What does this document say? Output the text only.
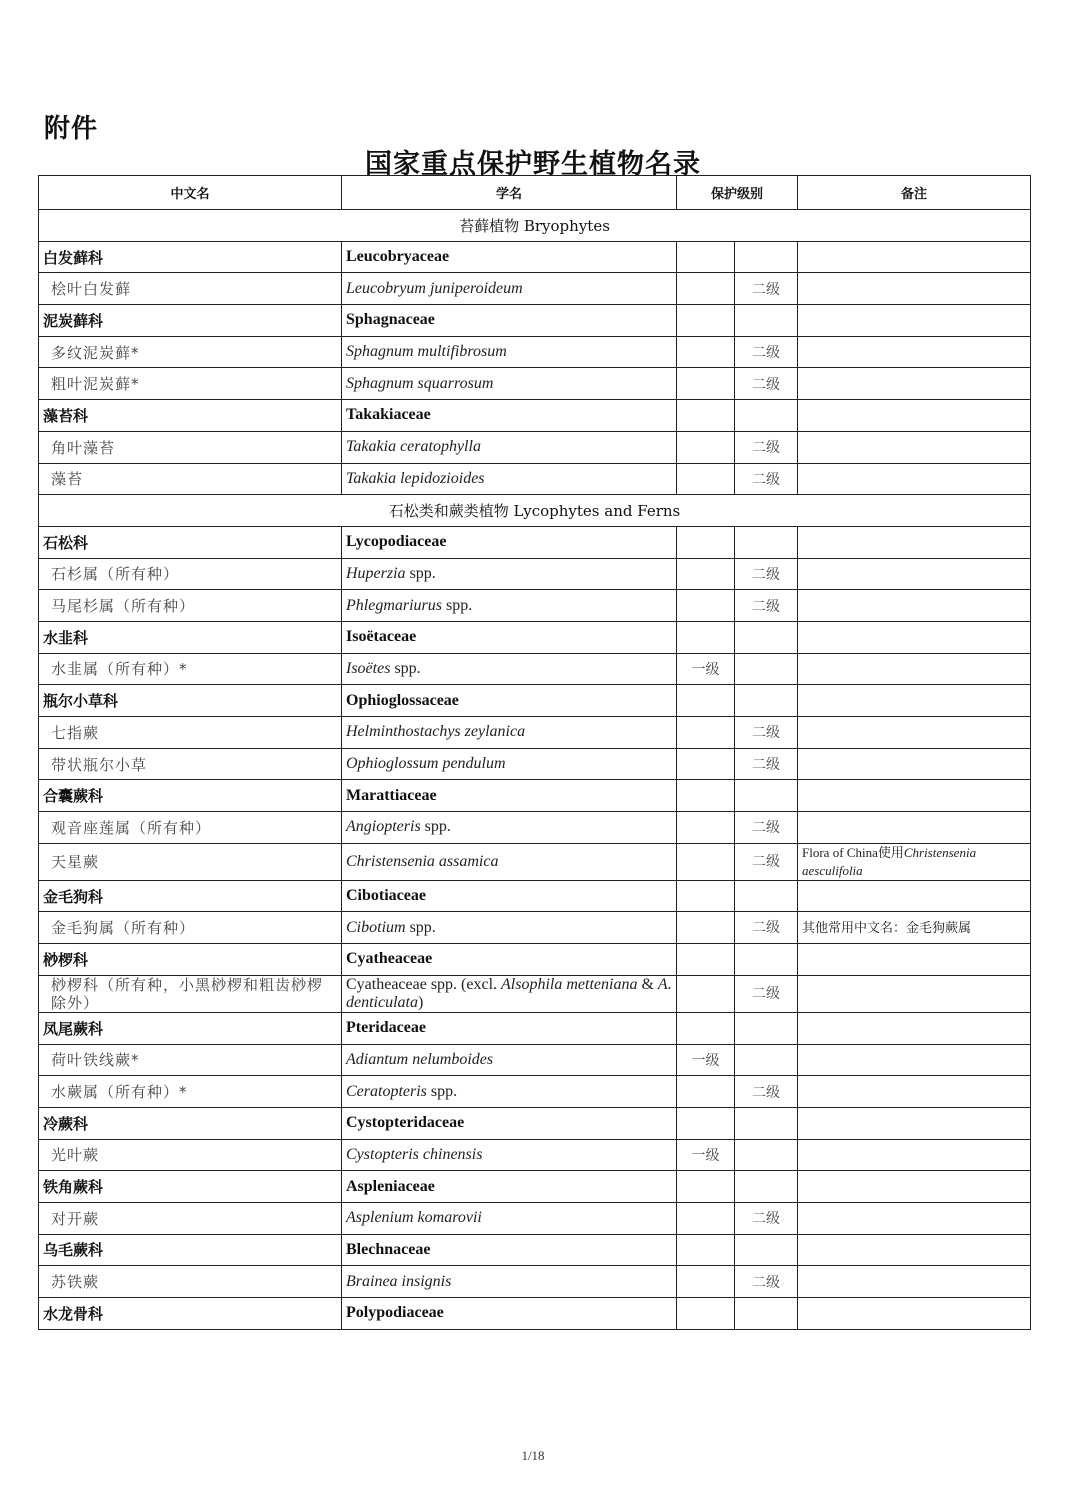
附件
国家重点保护野生植物名录
中文名	学名	保护级别		备注
苔藓植物 Bryophytes				
白发藓科	Leucobryaceae			
桧叶白发藓	Leucobryum juniperoideum		二级	
泥炭藓科	Sphagnaceae			
多纹泥炭藓*	Sphagnum multifibrosum		二级	
粗叶泥炭藓*	Sphagnum squarrosum		二级	
藻苔科	Takakiaceae			
角叶藻苔	Takakia ceratophylla		二级	
藻苔	Takakia lepidozioides		二级	
石松类和蕨类植物 Lycophytes and Ferns				
石松科	Lycopodiaceae			
石杉属（所有种）	Huperzia spp.		二级	
马尾杉属（所有种）	Phlegmariurus spp.		二级	
水韭科	Isoëtaceae			
水韭属（所有种）*	Isoëtes spp.	一级		
瓶尔小草科	Ophioglossaceae			
七指蕨	Helminthostachys zeylanica		二级	
带状瓶尔小草	Ophioglossum pendulum		二级	
合囊蕨科	Marattiaceae			
观音座莲属（所有种）	Angiopteris spp.		二级	
天星蕨	Christensenia assamica		二级	Flora of China使用Christensenia aesculifolia
金毛狗科	Cibotiaceae			
金毛狗属（所有种）	Cibotium spp.		二级	其他常用中文名：金毛狗蕨属
桫椤科	Cyatheaceae			
桫椤科（所有种，小黑桫椤和粗齿桫椤除外）	Cyatheaceae spp. (excl. Alsophila metteniana & A. denticulata)		二级	
凤尾蕨科	Pteridaceae			
荷叶铁线蕨*	Adiantum nelumboides	一级		
水蕨属（所有种）*	Ceratopteris spp.		二级	
冷蕨科	Cystopteridaceae			
光叶蕨	Cystopteris chinensis	一级		
铁角蕨科	Aspleniaceae			
对开蕨	Asplenium komarovii		二级	
乌毛蕨科	Blechnaceae			
苏铁蕨	Brainea insignis		二级	
水龙骨科	Polypodiaceae			
1/18
